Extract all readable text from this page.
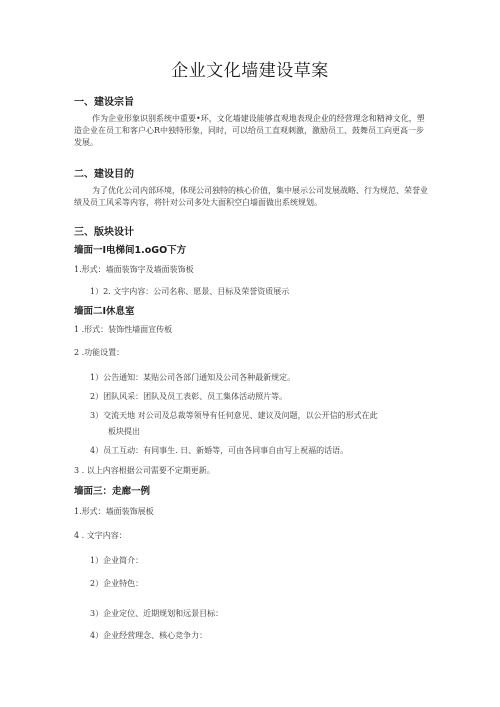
企业文化墙建设草案
一、建设宗旨
作为企业形象识别系统中重要•环，文化墙建设能够直观地表现企业的经营理念和精神文化，塑造企业在员工和客户心R中独特形象，同时，可以给员工直观刺激，激励员工、鼓舞员工向更高一步发展。
二、建设目的
为了优化公司内部环境，体现公司独特的核心价值，集中展示公司发展战略、行为规范、荣誉业绩及员工风采等内容，将针对公司多处大面积空白墙面做出系统规划。
三、版块设计
墙面一I电梯间1.oGO下方
1.形式：墙面装饰字及墙面装饰板
1）2. 文字内容：公司名称、愿景、目标及荣誉资质展示
墙面二I休息室
1 .形式：装饰性墙面宣传板
2 .功能设置：
1）公告通知：某贴公司各部门通知及公司各种最新规定。
2）团队风采：团队及员工表彰、员工集体活动照片等。
3）交流天地 对公司及总裁等领导有任何意见、建议及问题，以公开信的形式在此
板块提出
4）员工互动：有同事生. 日、新婚等，可由各同事自由写上祝福的话语。
3 . 以上内容根据公司需要不定期更新。
墙面三：走廊一例
1.形式：墙面装饰展板
4 . 文字内容：
1）企业简介：
2）企业特色：
3）企业定位、近期规划和远景目标：
4）企业经营理念、核心竞争力：
